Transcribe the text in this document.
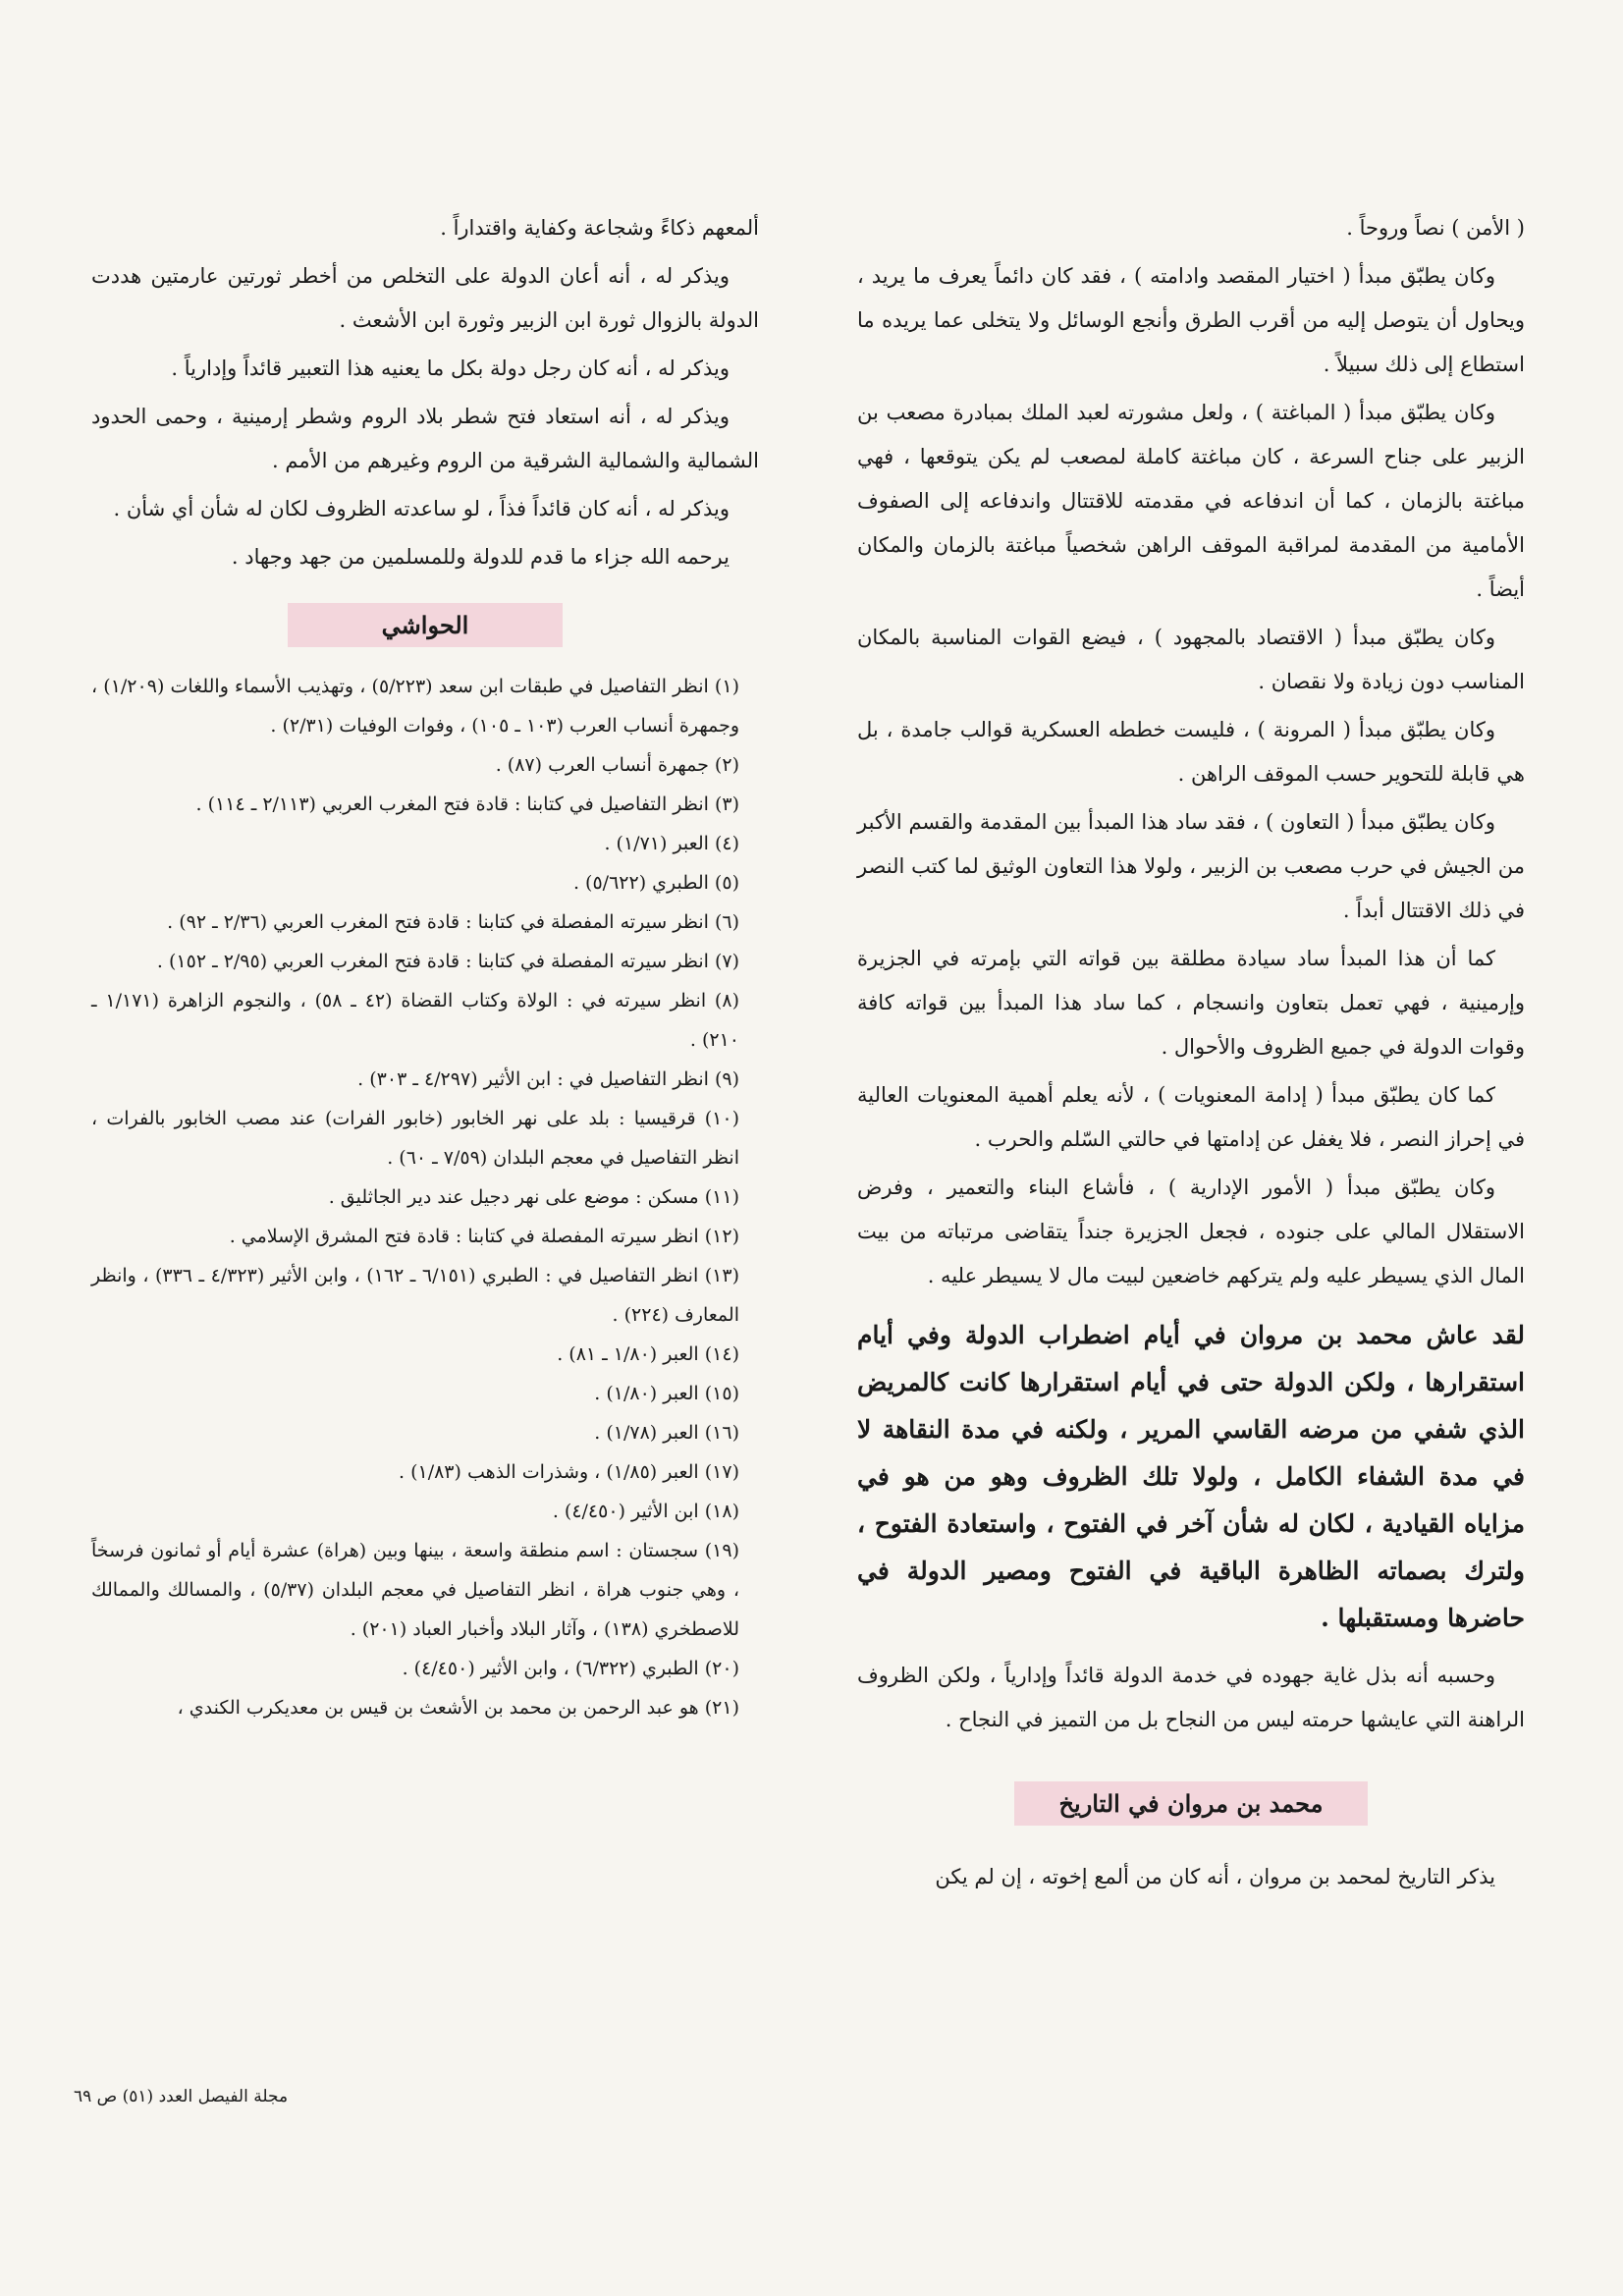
( الأمن ) نصاً وروحاً .

وكان يطبّق مبدأ ( اختيار المقصد وادامته ) ، فقد كان دائماً يعرف ما يريد ، ويحاول أن يتوصل إليه من أقرب الطرق وأنجع الوسائل ولا يتخلى عما يريده ما استطاع إلى ذلك سبيلاً .

وكان يطبّق مبدأ ( المباغتة ) ، ولعل مشورته لعبد الملك بمبادرة مصعب بن الزبير على جناح السرعة ، كان مباغتة كاملة لمصعب لم يكن يتوقعها ، فهي مباغتة بالزمان ، كما أن اندفاعه في مقدمته للاقتتال واندفاعه إلى الصفوف الأمامية من المقدمة لمراقبة الموقف الراهن شخصياً مباغتة بالزمان والمكان أيضاً .

وكان يطبّق مبدأ ( الاقتصاد بالمجهود ) ، فيضع القوات المناسبة بالمكان المناسب دون زيادة ولا نقصان .

وكان يطبّق مبدأ ( المرونة ) ، فليست خططه العسكرية قوالب جامدة ، بل هي قابلة للتحوير حسب الموقف الراهن .

وكان يطبّق مبدأ ( التعاون ) ، فقد ساد هذا المبدأ بين المقدمة والقسم الأكبر من الجيش في حرب مصعب بن الزبير ، ولولا هذا التعاون الوثيق لما كتب النصر في ذلك الاقتتال أبداً .

كما أن هذا المبدأ ساد سيادة مطلقة بين قواته التي بإمرته في الجزيرة وإرمينية ، فهي تعمل بتعاون وانسجام ، كما ساد هذا المبدأ بين قواته كافة وقوات الدولة في جميع الظروف والأحوال .

كما كان يطبّق مبدأ ( إدامة المعنويات ) ، لأنه يعلم أهمية المعنويات العالية في إحراز النصر ، فلا يغفل عن إدامتها في حالتي السّلم والحرب .

وكان يطبّق مبدأ ( الأمور الإدارية ) ، فأشاع البناء والتعمير ، وفرض الاستقلال المالي على جنوده ، فجعل الجزيرة جنداً يتقاضى مرتباته من بيت المال الذي يسيطر عليه ولم يتركهم خاضعين لبيت مال لا يسيطر عليه .

لقد عاش محمد بن مروان في أيام اضطراب الدولة وفي أيام استقرارها ، ولكن الدولة حتى في أيام استقرارها كانت كالمريض الذي شفي من مرضه القاسي المرير ، ولكنه في مدة النقاهة لا في مدة الشفاء الكامل ، ولولا تلك الظروف وهو من هو في مزاياه القيادية ، لكان له شأن آخر في الفتوح ، واستعادة الفتوح ، ولترك بصماته الظاهرة الباقية في الفتوح ومصير الدولة في حاضرها ومستقبلها .

وحسبه أنه بذل غاية جهوده في خدمة الدولة قائداً وإدارياً ، ولكن الظروف الراهنة التي عايشها حرمته ليس من النجاح بل من التميز في النجاح .

محمد بن مروان في التاريخ

يذكر التاريخ لمحمد بن مروان ، أنه كان من ألمع إخوته ، إن لم يكن

ألمعهم ذكاءً وشجاعة وكفاية واقتداراً .

ويذكر له ، أنه أعان الدولة على التخلص من أخطر ثورتين عارمتين هددت الدولة بالزوال ثورة ابن الزبير وثورة ابن الأشعث .

ويذكر له ، أنه كان رجل دولة بكل ما يعنيه هذا التعبير قائداً وإدارياً .

ويذكر له ، أنه استعاد فتح شطر بلاد الروم وشطر إرمينية ، وحمى الحدود الشمالية والشمالية الشرقية من الروم وغيرهم من الأمم .

ويذكر له ، أنه كان قائداً فذاً ، لو ساعدته الظروف لكان له شأن أي شأن .

يرحمه الله جزاء ما قدم للدولة وللمسلمين من جهد وجهاد .

الحواشي

(١) انظر التفاصيل في طبقات ابن سعد (٥/٢٢٣) ، وتهذيب الأسماء واللغات (١/٢٠٩) ، وجمهرة أنساب العرب (١٠٣ ـ ١٠٥) ، وفوات الوفيات (٢/٣١) .

(٢) جمهرة أنساب العرب (٨٧) .

(٣) انظر التفاصيل في كتابنا : قادة فتح المغرب العربي (٢/١١٣ ـ ١١٤) .

(٤) العبر (١/٧١) .

(٥) الطبري (٥/٦٢٢) .

(٦) انظر سيرته المفصلة في كتابنا : قادة فتح المغرب العربي (٢/٣٦ ـ ٩٢) .

(٧) انظر سيرته المفصلة في كتابنا : قادة فتح المغرب العربي (٢/٩٥ ـ ١٥٢) .

(٨) انظر سيرته في : الولاة وكتاب القضاة (٤٢ ـ ٥٨) ، والنجوم الزاهرة (١/١٧١ ـ ٢١٠) .

(٩) انظر التفاصيل في : ابن الأثير (٤/٢٩٧ ـ ٣٠٣) .

(١٠) قرقيسيا : بلد على نهر الخابور (خابور الفرات) عند مصب الخابور بالفرات ، انظر التفاصيل في معجم البلدان (٧/٥٩ ـ ٦٠) .

(١١) مسكن : موضع على نهر دجيل عند دير الجاثليق .

(١٢) انظر سيرته المفصلة في كتابنا : قادة فتح المشرق الإسلامي .

(١٣) انظر التفاصيل في : الطبري (٦/١٥١ ـ ١٦٢) ، وابن الأثير (٤/٣٢٣ ـ ٣٣٦) ، وانظر المعارف (٢٢٤) .

(١٤) العبر (١/٨٠ ـ ٨١) .

(١٥) العبر (١/٨٠) .

(١٦) العبر (١/٧٨) .

(١٧) العبر (١/٨٥) ، وشذرات الذهب (١/٨٣) .

(١٨) ابن الأثير (٤/٤٥٠) .

(١٩) سجستان : اسم منطقة واسعة ، بينها وبين (هراة) عشرة أيام أو ثمانون فرسخاً ، وهي جنوب هراة ، انظر التفاصيل في معجم البلدان (٥/٣٧) ، والمسالك والممالك للاصطخري (١٣٨) ، وآثار البلاد وأخبار العباد (٢٠١) .

(٢٠) الطبري (٦/٣٢٢) ، وابن الأثير (٤/٤٥٠) .

(٢١) هو عبد الرحمن بن محمد بن الأشعث بن قيس بن معديكرب الكندي ،

مجلة الفيصل العدد (٥١) ص ٦٩
